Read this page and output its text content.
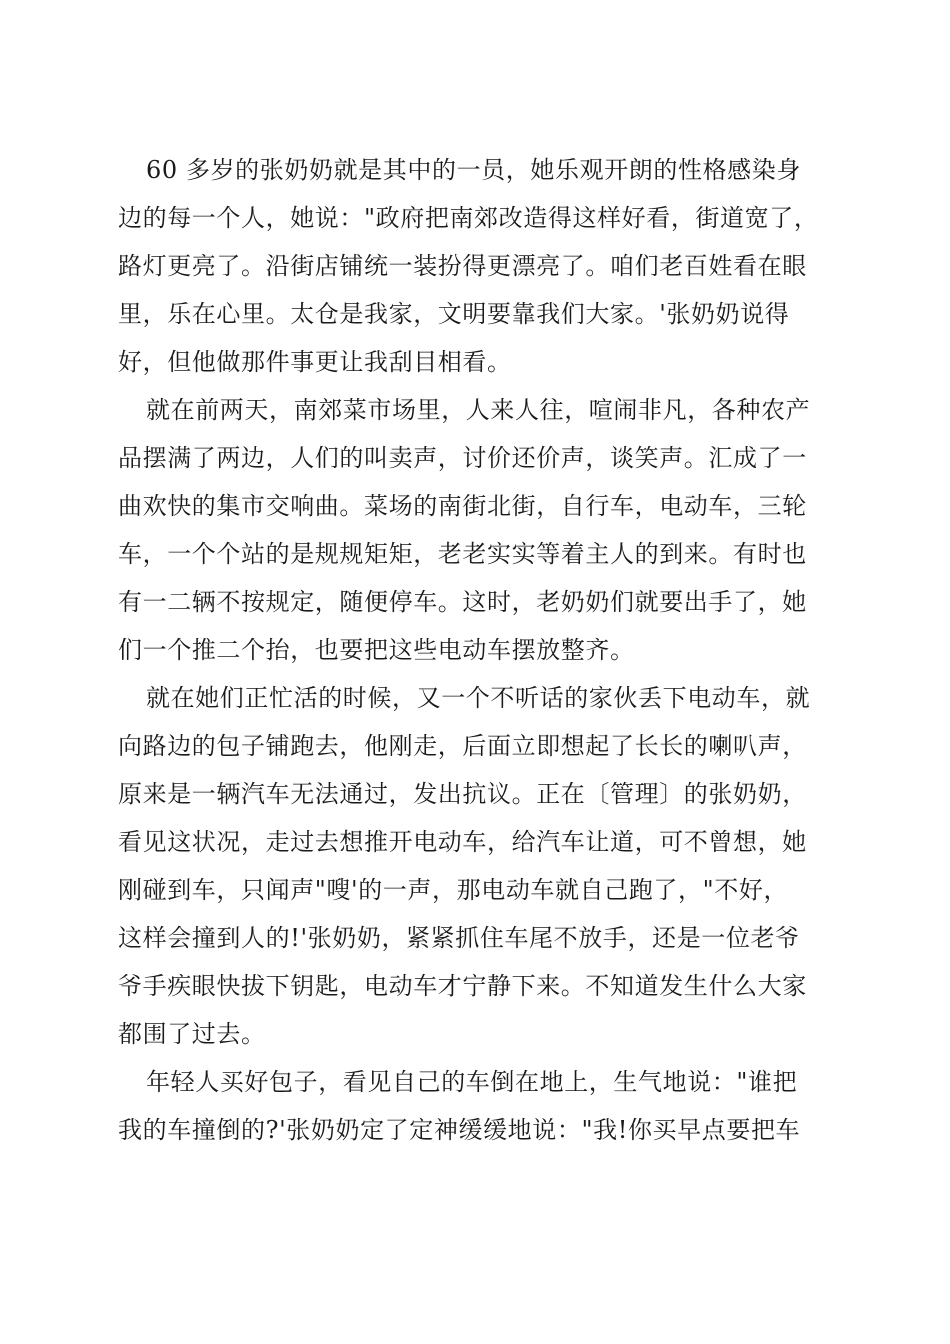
60 多岁的张奶奶就是其中的一员，她乐观开朗的性格感染身
边的每一个人，她说："政府把南郊改造得这样好看，街道宽了，
路灯更亮了。沿街店铺统一装扮得更漂亮了。咱们老百姓看在眼
里，乐在心里。太仓是我家，文明要靠我们大家。'张奶奶说得
好，但他做那件事更让我刮目相看。

就在前两天，南郊菜市场里，人来人往，喧闹非凡，各种农产
品摆满了两边，人们的叫卖声，讨价还价声，谈笑声。汇成了一
曲欢快的集市交响曲。菜场的南街北街，自行车，电动车，三轮
车，一个个站的是规规矩矩，老老实实等着主人的到来。有时也
有一二辆不按规定，随便停车。这时，老奶奶们就要出手了，她
们一个推二个抬，也要把这些电动车摆放整齐。

就在她们正忙活的时候，又一个不听话的家伙丢下电动车，就
向路边的包子铺跑去，他刚走，后面立即想起了长长的喇叭声，
原来是一辆汽车无法通过，发出抗议。正在〔管理〕的张奶奶，
看见这状况，走过去想推开电动车，给汽车让道，可不曾想，她
刚碰到车，只闻声"嗖'的一声，那电动车就自己跑了，"不好，
这样会撞到人的!'张奶奶，紧紧抓住车尾不放手，还是一位老爷
爷手疾眼快拔下钥匙，电动车才宁静下来。不知道发生什么大家
都围了过去。

年轻人买好包子，看见自己的车倒在地上，生气地说："谁把
我的车撞倒的?'张奶奶定了定神缓缓地说："我!你买早点要把车
